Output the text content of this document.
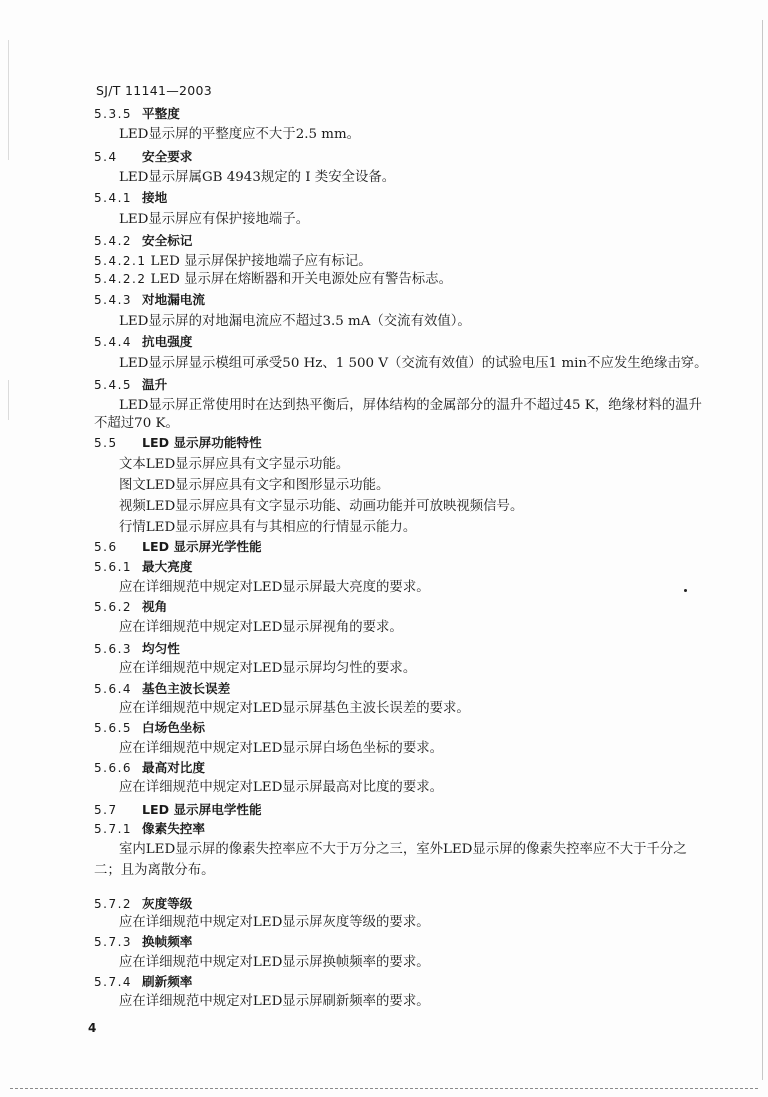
SJ/T 11141—2003
5.3.5 平整度
LED显示屏的平整度应不大于2.5 mm。
5.4 安全要求
LED显示屏属GB 4943规定的 I 类安全设备。
5.4.1 接地
LED显示屏应有保护接地端子。
5.4.2 安全标记
5.4.2.1 LED 显示屏保护接地端子应有标记。
5.4.2.2 LED 显示屏在熔断器和开关电源处应有警告标志。
5.4.3 对地漏电流
LED显示屏的对地漏电流应不超过3.5 mA（交流有效值）。
5.4.4 抗电强度
LED显示屏显示模组可承受50 Hz、1 500 V（交流有效值）的试验电压1 min不应发生绝缘击穿。
5.4.5 温升
LED显示屏正常使用时在达到热平衡后，屏体结构的金属部分的温升不超过45 K，绝缘材料的温升
不超过70 K。
5.5 LED 显示屏功能特性
文本LED显示屏应具有文字显示功能。
图文LED显示屏应具有文字和图形显示功能。
视频LED显示屏应具有文字显示功能、动画功能并可放映视频信号。
行情LED显示屏应具有与其相应的行情显示能力。
5.6 LED 显示屏光学性能
5.6.1 最大亮度
应在详细规范中规定对LED显示屏最大亮度的要求。
5.6.2 视角
应在详细规范中规定对LED显示屏视角的要求。
5.6.3 均匀性
应在详细规范中规定对LED显示屏均匀性的要求。
5.6.4 基色主波长误差
应在详细规范中规定对LED显示屏基色主波长误差的要求。
5.6.5 白场色坐标
应在详细规范中规定对LED显示屏白场色坐标的要求。
5.6.6 最高对比度
应在详细规范中规定对LED显示屏最高对比度的要求。
5.7 LED 显示屏电学性能
5.7.1 像素失控率
室内LED显示屏的像素失控率应不大于万分之三，室外LED显示屏的像素失控率应不大于千分之
二；且为离散分布。
5.7.2 灰度等级
应在详细规范中规定对LED显示屏灰度等级的要求。
5.7.3 换帧频率
应在详细规范中规定对LED显示屏换帧频率的要求。
5.7.4 刷新频率
应在详细规范中规定对LED显示屏刷新频率的要求。
4
